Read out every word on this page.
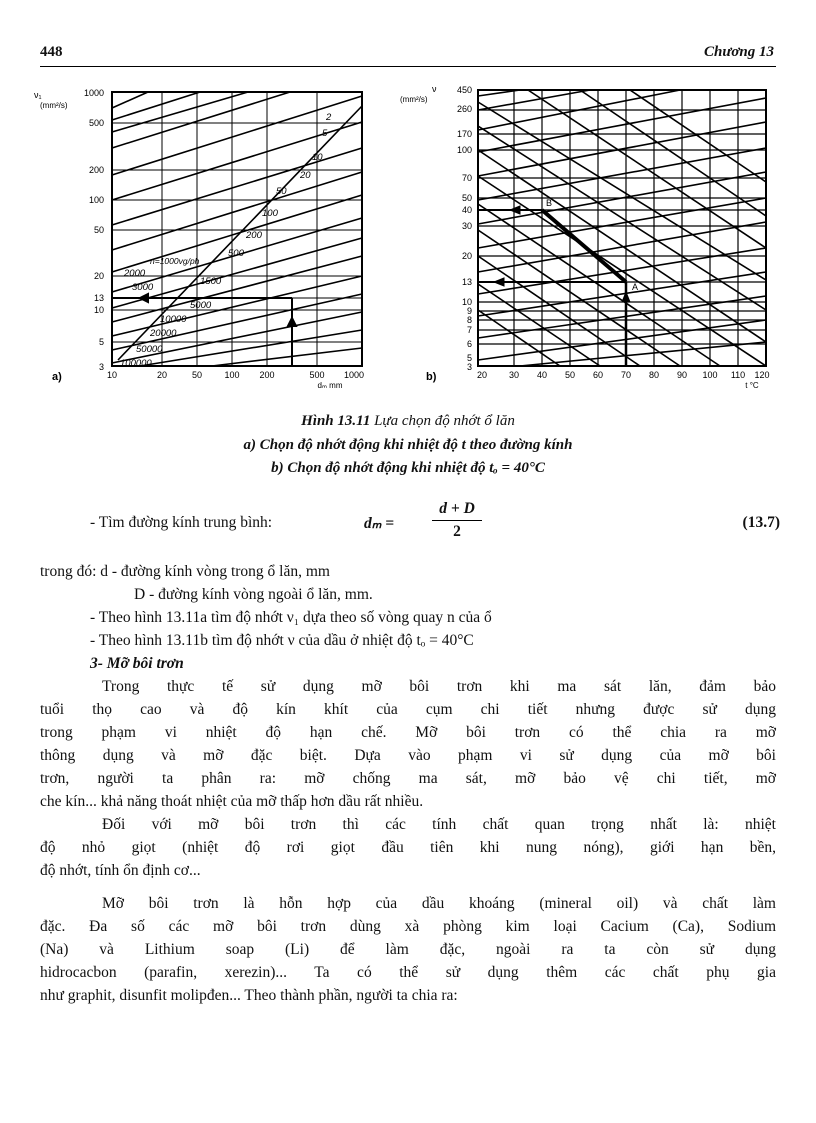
448	Chương 13
ν₁
(mm²/s)
2
5
10
20
50
100
200
500
n=1000vg/ph
1500
2000
3000
5000
10000
20000
50000
100000
1000
500
200
100
50
20
13
10
5
3
10	20	50 100 200	500 1000
dₘ mm
a)
ν
(mm²/s)
B
A
450
260
170
100
70
50
40
30
20
13
10
9
8
7
6
5
3
20 30 40 50 60 70 80 90 100 110 120
t °C
b)
Hình 13.11 Lựa chọn độ nhớt ổ lăn
a) Chọn độ nhớt động khi nhiệt độ t theo đường kính
b) Chọn độ nhớt động khi nhiệt độ tₒ = 40°C
- Tìm đường kính trung bình:	$d_m = \frac{d + D}{2}$	(13.7)
trong đó: d - đường kính vòng trong ổ lăn, mm
D - đường kính vòng ngoài ổ lăn, mm.
- Theo hình 13.11a tìm độ nhớt ν₁ dựa theo số vòng quay n của ổ
- Theo hình 13.11b tìm độ nhớt ν của dầu ở nhiệt độ tₒ = 40°C
3- Mỡ bôi trơn
Trong thực tế sử dụng mỡ bôi trơn khi ma sát lăn, đảm bảo
tuổi thọ cao và độ kín khít của cụm chi tiết nhưng được sử dụng
trong phạm vi nhiệt độ hạn chế. Mỡ bôi trơn có thể chia ra mỡ
thông dụng và mỡ đặc biệt. Dựa vào phạm vi sử dụng của mỡ bôi
trơn, người ta phân ra: mỡ chống ma sát, mỡ bảo vệ chi tiết, mỡ
che kín... khả năng thoát nhiệt của mỡ thấp hơn dầu rất nhiều.
Đối với mỡ bôi trơn thì các tính chất quan trọng nhất là: nhiệt
độ nhỏ giọt (nhiệt độ rơi giọt đầu tiên khi nung nóng), giới hạn bền,
độ nhớt, tính ổn định cơ...
Mỡ bôi trơn là hỗn hợp của dầu khoáng (mineral oil) và chất làm
đặc. Đa số các mỡ bôi trơn dùng xà phòng kim loại Cacium (Ca), Sodium
(Na) và Lithium soap (Li) để làm đặc, ngoài ra ta còn sử dụng
hidrocacbon (parafin, xerezin)... Ta có thể sử dụng thêm các chất phụ gia
như graphit, disunfit molipđen... Theo thành phần, người ta chia ra:
